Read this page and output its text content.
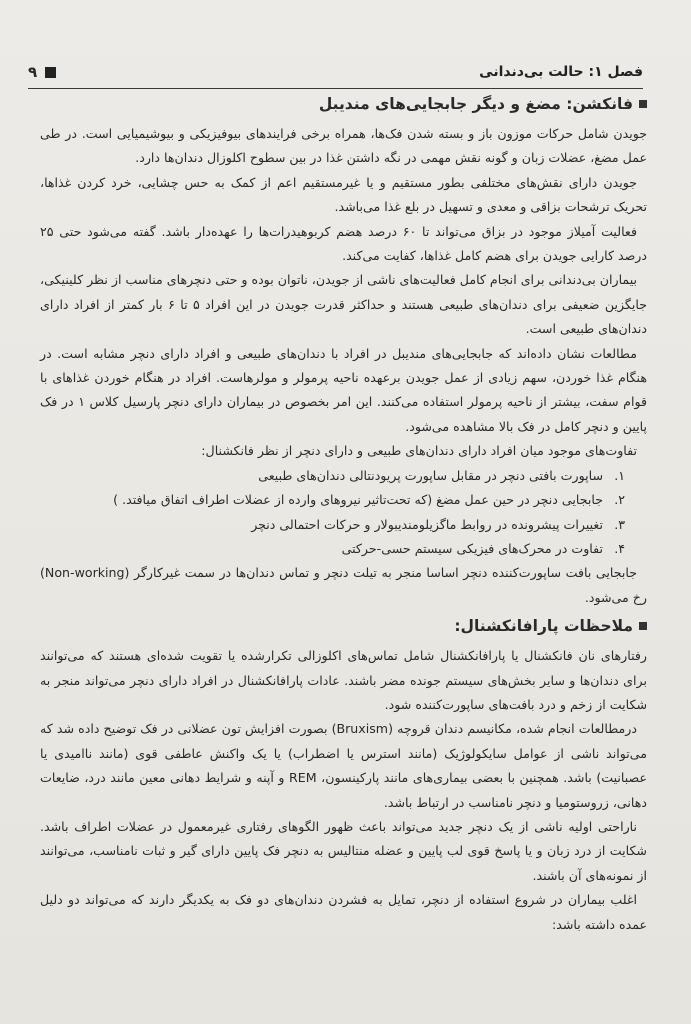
فصل ۱: حالت بی‌دندانی
۹
فانکشن: مضغ و دیگر جابجایی‌های مندیبل

جویدن شامل حرکات موزون باز و بسته شدن فک‌ها، همراه برخی فرایندهای بیوفیزیکی و بیوشیمیایی است. در طی عمل مضغ، عضلات زبان و گونه نقش مهمی در نگه داشتن غذا در بین سطوح اکلوزال دندان‌ها دارد.

جویدن دارای نقش‌های مختلفی بطور مستقیم و یا غیرمستقیم اعم از کمک به حس چشایی، خرد کردن غذاها، تحریک ترشحات بزاقی و معدی و تسهیل در بلع غذا می‌باشد.

فعالیت آمیلاز موجود در بزاق می‌تواند تا ۶۰ درصد هضم کربوهیدرات‌ها را عهده‌دار باشد. گفته می‌شود حتی ۲۵ درصد کارایی جویدن برای هضم کامل غذاها، کفایت می‌کند.

بیماران بی‌دندانی برای انجام کامل فعالیت‌های ناشی از جویدن، ناتوان بوده و حتی دنچرهای مناسب از نظر کلینیکی، جایگزین ضعیفی برای دندان‌های طبیعی هستند و حداکثر قدرت جویدن در این افراد ۵ تا ۶ بار کمتر از افراد دارای دندان‌های طبیعی است.

مطالعات نشان داده‌اند که جابجایی‌های مندیبل در افراد با دندان‌های طبیعی و افراد دارای دنچر مشابه است. در هنگام غذا خوردن، سهم زیادی از عمل جویدن برعهده ناحیه پرمولر و مولرهاست. افراد در هنگام خوردن غذاهای با قوام سفت، بیشتر از ناحیه پرمولر استفاده می‌کنند. این امر بخصوص در بیماران دارای دنچر پارسیل کلاس ۱ در فک پایین و دنچر کامل در فک بالا مشاهده می‌شود.

تفاوت‌های موجود میان افراد دارای دندان‌های طبیعی و دارای دنچر از نظر فانکشنال:

۱.
ساپورت بافتی دنچر در مقابل ساپورت پریودنتالی دندان‌های طبیعی
۲.
جابجایی دنچر در حین عمل مضغ (که تحت‌تاثیر نیروهای وارده از عضلات اطراف اتفاق میافتد. )
۳.
تغییرات پیشرونده در روابط ماگزیلومندیبولار و حرکات احتمالی دنچر
۴.
تفاوت در محرک‌های فیزیکی سیستم حسی-حرکتی

جابجایی بافت ساپورت‌کننده دنچر اساسا منجر به تیلت دنچر و تماس دندان‌ها در سمت غیرکارگر (Non-working) رخ می‌شود.

ملاحظات پارافانکشنال:

رفتارهای نان فانکشنال یا پارافانکشنال شامل تماس‌های اکلوزالی تکرارشده یا تقویت شده‌ای هستند که می‌توانند برای دندان‌ها و سایر بخش‌های سیستم جونده مضر باشند. عادات پارافانکشنال در افراد دارای دنچر می‌تواند منجر به شکایت از زخم و درد بافت‌های ساپورت‌کننده شود.

درمطالعات انجام شده، مکانیسم دندان قروچه (Bruxism) بصورت افزایش تون عضلانی در فک توضیح داده شد که می‌تواند ناشی از عوامل سایکولوژیک (مانند استرس یا اضطراب) یا یک واکنش عاطفی قوی (مانند ناامیدی یا عصبانیت) باشد. همچنین با بعضی بیماری‌های مانند پارکینسون، REM و آپنه و شرایط دهانی معین مانند درد، ضایعات دهانی، زروستومیا و دنچر نامناسب در ارتباط باشد.

ناراحتی اولیه ناشی از یک دنچر جدید می‌تواند باعث ظهور الگوهای رفتاری غیرمعمول در عضلات اطراف باشد. شکایت از درد زبان و یا پاسخ قوی لب پایین و عضله منتالیس به دنچر فک پایین دارای گیر و ثبات نامناسب، می‌توانند از نمونه‌های آن باشند.

اغلب بیماران در شروع استفاده از دنچر، تمایل به فشردن دندان‌های دو فک به یکدیگر دارند که می‌تواند دو دلیل عمده داشته باشد:
